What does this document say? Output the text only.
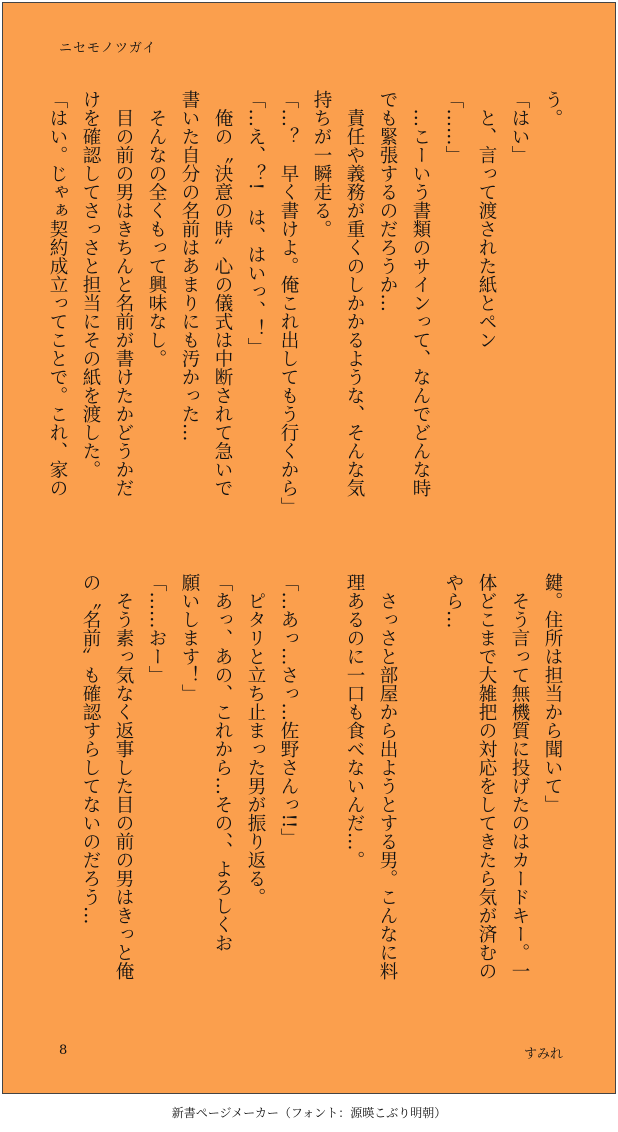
ニセモノツガイ

う。

「はい」

　と、言って渡された紙とペン

「……」

　…こーいう書類のサインって、なんでどんな時

でも緊張するのだろうか…

　責任や義務が重くのしかかるような、そんな気

持ちが一瞬走る。

「…？　早く書けよ。俺これ出してもう行くから」

「…え、？!　は、はいっ、！」

　俺の〝決意の時〟心の儀式は中断されて急いで

書いた自分の名前はあまりにも汚かった…

　そんなの全くもって興味なし。

　目の前の男はきちんと名前が書けたかどうかだ

けを確認してさっさと担当にその紙を渡した。

「はい。じゃぁ契約成立ってことで。これ、家の

鍵。住所は担当から聞いて」

　そう言って無機質に投げたのはカードキー。一

体どこまで大雑把の対応をしてきたら気が済むの

やら…

　さっさと部屋から出ようとする男。こんなに料

理あるのに一口も食べないんだ…。

「…あっ…さっ…佐野さんっ!!」

　ピタリと立ち止まった男が振り返る。

「あっ、あの、これから…その、、よろしくお

願いします！」

「……おー」

　そう素っ気なく返事した目の前の男はきっと俺

の〝名前〟も確認すらしてないのだろう…

8	すみれ
新書ページメーカー（フォント：源暎こぶり明朝）
